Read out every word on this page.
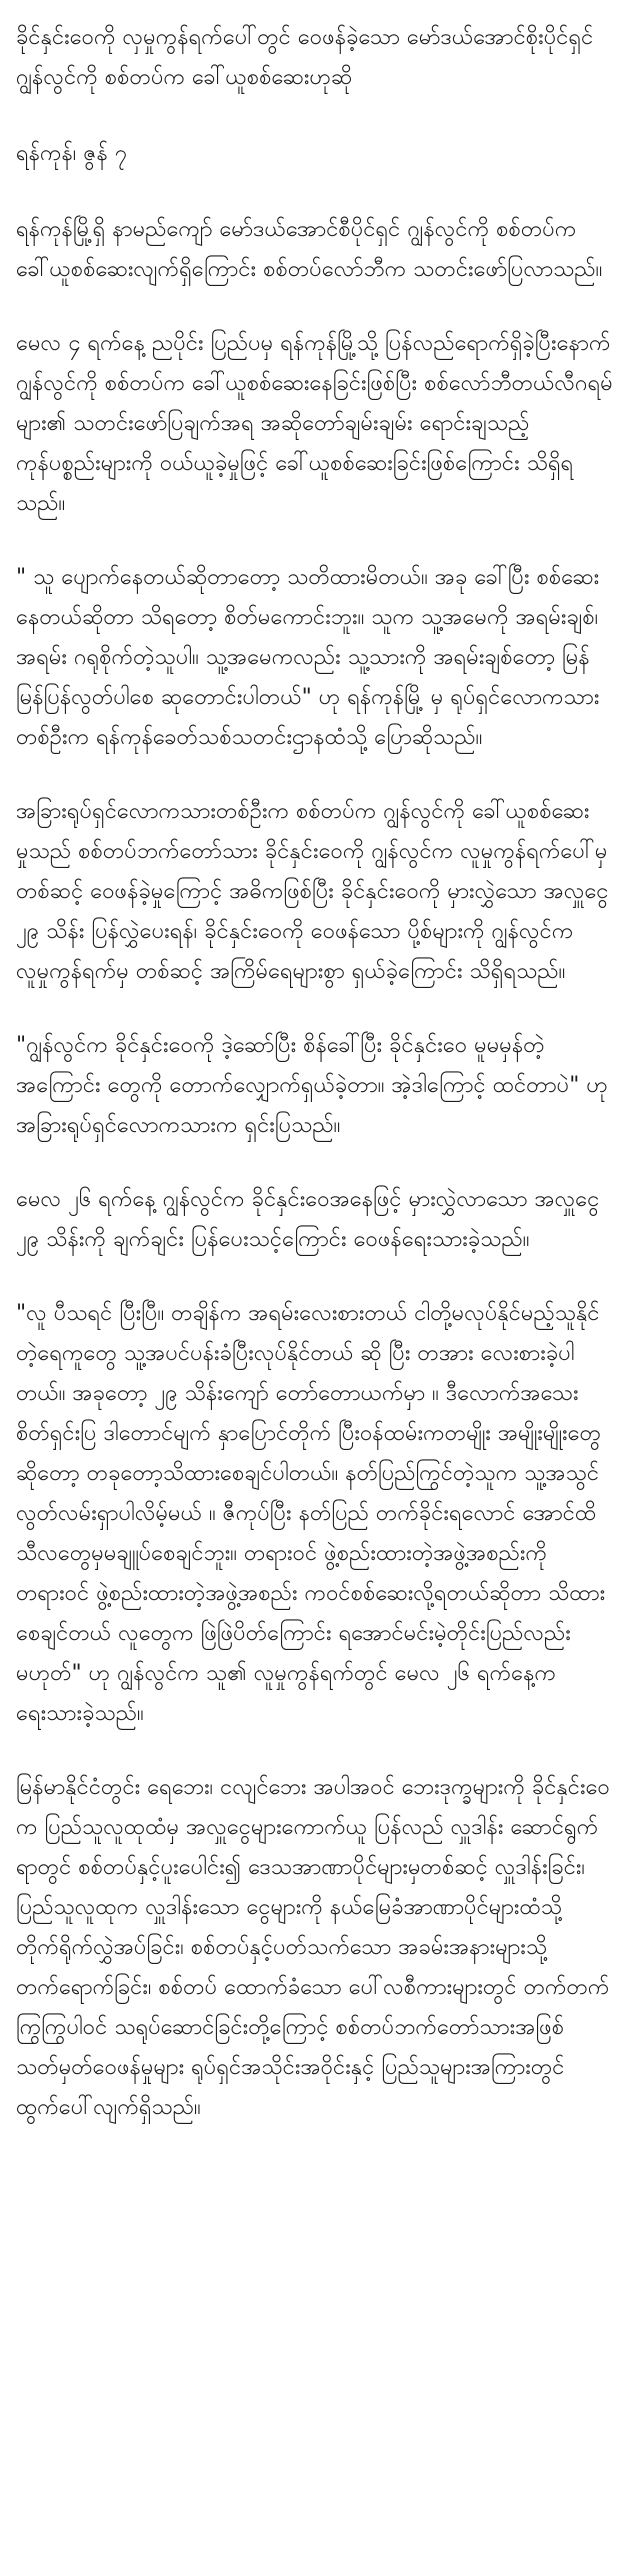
ခိုင်နှင်းဝေကို လှမှုကွန်ရက်ပေါ်တွင် ဝေဖန်ခဲ့သော မော်ဒယ်အောင်စိုးပိုင်ရှင် ဂျွန်လွင်ကို စစ်တပ်က ခေါ်ယူစစ်ဆေးဟုဆို
ရန်ကုန်၊ ဇွန် ၇

ရန်ကုန်မြို့ရှိ နာမည်ကျော် မော်ဒယ်အောင်စီပိုင်ရှင် ဂျွန်လွင်ကို စစ်တပ်က ခေါ်ယူစစ်ဆေးလျက်ရှိကြောင်း စစ်တပ်လော်ဘီက သတင်းဖော်ပြလာသည်။

မေလ ၄ ရက်နေ့ ညပိုင်း ပြည်ပမှ ရန်ကုန်မြို့သို့ ပြန်လည်ရောက်ရှိခဲ့ပြီးနောက် ဂျွန်လွင်ကို စစ်တပ်က ခေါ်ယူစစ်ဆေးနေခြင်းဖြစ်ပြီး စစ်လော်ဘီတယ်လီဂရမ်များ၏ သတင်းဖော်ပြချက်အရ အဆိုတော်ချမ်းချမ်း ရောင်းချသည့် ကုန်ပစ္စည်းများကို ဝယ်ယူခဲ့မှုဖြင့် ခေါ်ယူစစ်ဆေးခြင်းဖြစ်ကြောင်း သိရှိရသည်။

" သူ ပျောက်နေတယ်ဆိုတာတော့ သတိထားမိတယ်။ အခု ခေါ်ပြီး စစ်ဆေးနေတယ်ဆိုတာ သိရတော့ စိတ်မကောင်းဘူး။ သူက သူ့အမေကို အရမ်းချစ်၊ အရမ်း ဂရုစိုက်တဲ့သူပါ။ သူ့အမေကလည်း သူ့သားကို အရမ်းချစ်တော့ မြန်မြန်ပြန်လွတ်ပါစေ ဆုတောင်းပါတယ်" ဟု ရန်ကုန်မြို့ မှ ရုပ်ရှင်လောကသားတစ်ဦးက ရန်ကုန်ခေတ်သစ်သတင်းဌာနထံသို့ ပြောဆိုသည်။

အခြားရုပ်ရှင်လောကသားတစ်ဦးက စစ်တပ်က ဂျွန်လွင်ကို ခေါ်ယူစစ်ဆေးမှုသည် စစ်တပ်ဘက်တော်သား ခိုင်နှင်းဝေကို ဂျွန်လွင်က လူမှုကွန်ရက်ပေါ်မှ တစ်ဆင့် ဝေဖန်ခဲ့မှုကြောင့် အဓိကဖြစ်ပြီး ခိုင်နှင်းဝေကို မှားလွှဲသော အလှူငွေ ၂၉ သိန်း ပြန်လွှဲပေးရန်၊ ခိုင်နှင်းဝေကို ဝေဖန်သော ပို့စ်များကို ဂျွန်လွင်က လူမှုကွန်ရက်မှ တစ်ဆင့် အကြိမ်ရေများစွာ ရှယ်ခဲ့ကြောင်း သိရှိရသည်။

"ဂျွန်လွင်က ခိုင်နှင်းဝေကို ဒဲ့ဆော်ပြီး စိန်ခေါ်ပြီး ခိုင်နှင်းဝေ မူမမှန်တဲ့အကြောင်း တွေကို တောက်လျှောက်ရှယ်ခဲ့တာ။ အဲ့ဒါကြောင့် ထင်တာပဲ" ဟု အခြားရုပ်ရှင်လောကသားက ရှင်းပြသည်။

မေလ ၂၆ ရက်နေ့ ဂျွန်လွင်က ခိုင်နှင်းဝေအနေဖြင့် မှားလွှဲလာသော အလှူငွေ ၂၉ သိန်းကို ချက်ချင်း ပြန်ပေးသင့်ကြောင်း ဝေဖန်ရေးသားခဲ့သည်။

"လူ ပီသရင် ပြီးပြီ။ တချိန်က အရမ်းလေးစားတယ် ငါတို့မလုပ်နိုင်မည့်သူနိုင်တဲ့ရေကူတွေ သူ့အပင်ပန်းခံပြီးလုပ်နိုင်တယ် ဆို ပြီး တအား လေးစားခဲ့ပါတယ်။ အခုတော့ ၂၉ သိန်းကျော် တော်တောယက်မှာ ။ ဒီလောက်အသေး စိတ်ရှင်းပြ ဒါတောင်မျက် နှာပြောင်တိုက် ပြီးဝန်ထမ်းကတမျိုး အမျိုးမျိုးတွေဆိုတော့ တခုတော့သိထားစေချင်ပါတယ်။ နတ်ပြည်ကြွင်တဲ့သူက သူ့အသွင် လွတ်လမ်းရှာပါလိမ့်မယ် ။ ဇီကုပ်ပြီး နတ်ပြည် တက်ခိုင်းရလောင် အောင်ထိ သီလတွေမှမချူပ်စေချင်ဘူး။ တရားဝင် ဖွဲ့စည်းထားတဲ့အဖွဲ့အစည်းကို တရားဝင် ဖွဲ့စည်းထားတဲ့အဖွဲ့အစည်း ကဝင်စစ်ဆေးလို့ရတယ်ဆိုတာ သိထားစေချင်တယ် လူတွေက ဖြဲဖြဲပိတ်ကြောင်း ရအောင်မင်းမဲ့တိုင်းပြည်လည်းမဟုတ်" ဟု ဂျွန်လွင်က သူ၏ လူမှုကွန်ရက်တွင် မေလ ၂၆ ရက်နေ့က ရေးသားခဲ့သည်။

မြန်မာနိုင်ငံတွင်း ရေဘေး၊ ငလျင်ဘေး အပါအဝင် ဘေးဒုက္ခများကို ခိုင်နှင်းဝေ က ပြည်သူလူထုထံမှ အလှူငွေများကောက်ယူ ပြန်လည် လှူဒါန်း ဆောင်ရွက်ရာတွင် စစ်တပ်နှင့်ပူးပေါင်း၍ ဒေသအာဏာပိုင်များမှတစ်ဆင့် လှူဒါန်းခြင်း၊ ပြည်သူလူထုက လှူဒါန်းသော ငွေများကို နယ်မြေခံအာဏာပိုင်များထံသို့ တိုက်ရိုက်လွှဲအပ်ခြင်း၊ စစ်တပ်နှင့်ပတ်သက်သော အခမ်းအနားများသို့ တက်ရောက်ခြင်း၊ စစ်တပ် ထောက်ခံသော ပေါ်လစီကားများတွင် တက်တက်ကြွကြွပါဝင် သရုပ်ဆောင်ခြင်းတို့ကြောင့် စစ်တပ်ဘက်တော်သားအဖြစ် သတ်မှတ်ဝေဖန်မှုများ ရုပ်ရှင်အသိုင်းအဝိုင်းနှင့် ပြည်သူများအကြားတွင် ထွက်ပေါ်လျက်ရှိသည်။
